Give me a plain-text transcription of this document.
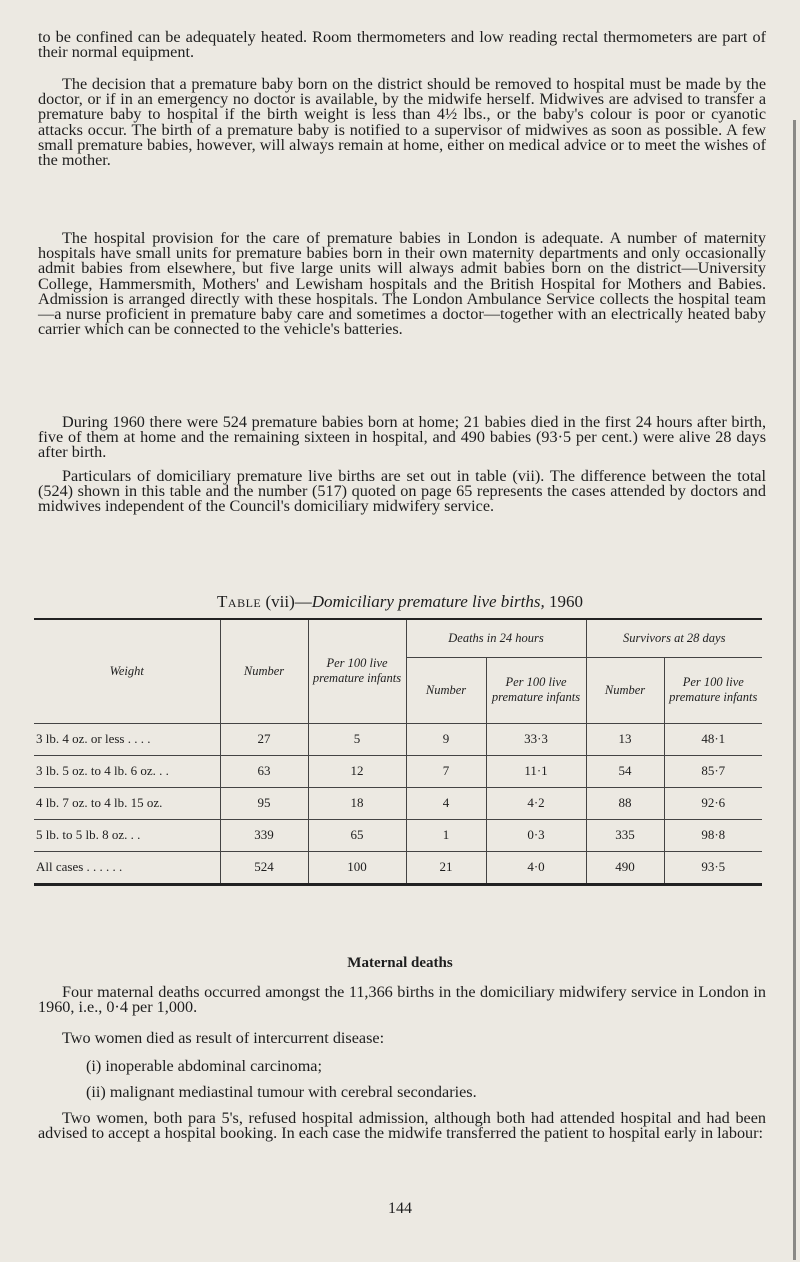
to be confined can be adequately heated. Room thermometers and low reading rectal thermometers are part of their normal equipment.

The decision that a premature baby born on the district should be removed to hospital must be made by the doctor, or if in an emergency no doctor is available, by the midwife herself. Midwives are advised to transfer a premature baby to hospital if the birth weight is less than 4½ lbs., or the baby's colour is poor or cyanotic attacks occur. The birth of a premature baby is notified to a supervisor of midwives as soon as possible. A few small premature babies, however, will always remain at home, either on medical advice or to meet the wishes of the mother.

The hospital provision for the care of premature babies in London is adequate. A number of maternity hospitals have small units for premature babies born in their own maternity departments and only occasionally admit babies from elsewhere, but five large units will always admit babies born on the district—University College, Hammersmith, Mothers' and Lewisham hospitals and the British Hospital for Mothers and Babies. Admission is arranged directly with these hospitals. The London Ambulance Service collects the hospital team—a nurse proficient in premature baby care and sometimes a doctor—together with an electrically heated baby carrier which can be connected to the vehicle's batteries.

During 1960 there were 524 premature babies born at home; 21 babies died in the first 24 hours after birth, five of them at home and the remaining sixteen in hospital, and 490 babies (93·5 per cent.) were alive 28 days after birth.

Particulars of domiciliary premature live births are set out in table (vii). The difference between the total (524) shown in this table and the number (517) quoted on page 65 represents the cases attended by doctors and midwives independent of the Council's domiciliary midwifery service.

Table (vii)—Domiciliary premature live births, 1960
Weight	Number	Per 100 live premature infants	Deaths in 24 hours		Survivors at 28 days	
			Number	Per 100 live premature infants	Number	Per 100 live premature infants
3 lb. 4 oz. or less . . . .	27	5	9	33·3	13	48·1
3 lb. 5 oz. to 4 lb. 6 oz. . .	63	12	7	11·1	54	85·7
4 lb. 7 oz. to 4 lb. 15 oz.	95	18	4	4·2	88	92·6
5 lb. to 5 lb. 8 oz. . .	339	65	1	0·3	335	98·8
All cases . . . . . .	524	100	21	4·0	490	93·5
Maternal deaths

Four maternal deaths occurred amongst the 11,366 births in the domiciliary midwifery service in London in 1960, i.e., 0·4 per 1,000.

Two women died as result of intercurrent disease:

(i) inoperable abdominal carcinoma;
(ii) malignant mediastinal tumour with cerebral secondaries.

Two women, both para 5's, refused hospital admission, although both had attended hospital and had been advised to accept a hospital booking. In each case the midwife transferred the patient to hospital early in labour:

144
